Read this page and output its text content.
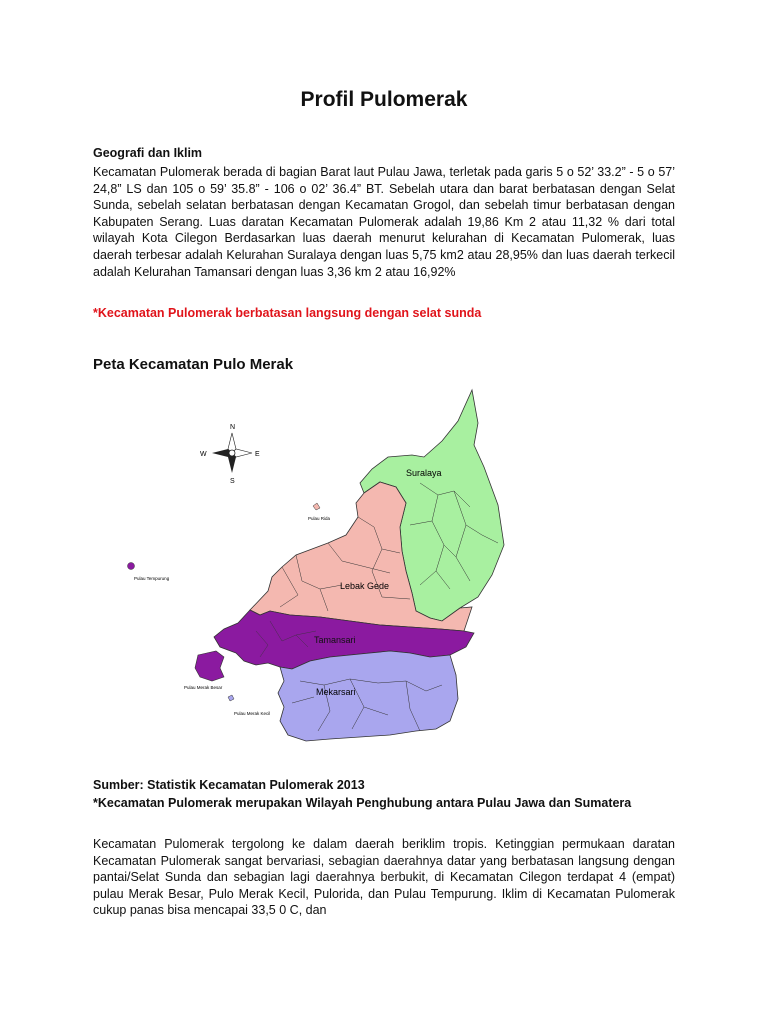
Profil Pulomerak

Geografi dan Iklim

Kecamatan Pulomerak berada di bagian Barat laut Pulau Jawa, terletak pada garis 5 o 52’ 33.2” - 5 o 57’ 24,8” LS dan 105 o 59’ 35.8” - 106 o 02’ 36.4” BT. Sebelah utara dan barat berbatasan dengan Selat Sunda, sebelah selatan berbatasan dengan Kecamatan Grogol, dan sebelah timur berbatasan dengan Kabupaten Serang. Luas daratan Kecamatan Pulomerak adalah 19,86 Km 2 atau 11,32 % dari total wilayah Kota Cilegon Berdasarkan luas daerah menurut kelurahan di Kecamatan Pulomerak, luas daerah terbesar adalah Kelurahan Suralaya dengan luas 5,75 km2 atau 28,95% dan luas daerah terkecil adalah Kelurahan Tamansari dengan luas 3,36 km 2 atau 16,92%

*Kecamatan Pulomerak berbatasan langsung dengan selat sunda

Peta Kecamatan Pulo Merak

N
S
E
W
Pulau Tempurung
Pulau Merak Besar
Pulau Merak Kecil
Pulau Rida
Suralaya
Lebak Gede
Tamansari
Mekarsari

Sumber: Statistik Kecamatan Pulomerak 2013

*Kecamatan Pulomerak merupakan Wilayah Penghubung antara Pulau Jawa dan Sumatera

Kecamatan Pulomerak tergolong ke dalam daerah beriklim tropis. Ketinggian permukaan daratan Kecamatan Pulomerak sangat bervariasi, sebagian daerahnya datar yang berbatasan langsung dengan pantai/Selat Sunda dan sebagian lagi daerahnya berbukit, di Kecamatan Cilegon terdapat 4 (empat) pulau Merak Besar, Pulo Merak Kecil, Pulorida, dan Pulau Tempurung. Iklim di Kecamatan Pulomerak cukup panas bisa mencapai 33,5 0 C, dan
